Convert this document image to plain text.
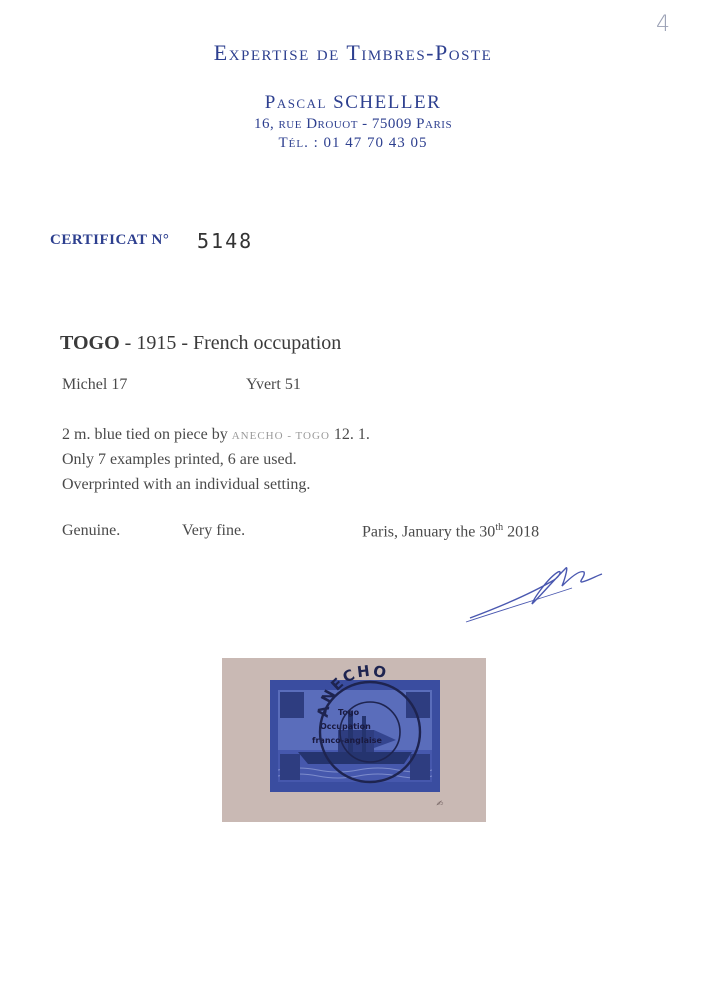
4
Expertise de Timbres-Poste
Pascal SCHELLER
16, rue Drouot - 75009 Paris
Tél. : 01 47 70 43 05
CERTIFICAT N° 5148
TOGO - 1915 - French occupation
Michel 17	Yvert 51
2 m. blue tied on piece by ANECHO - TOGO 12. 1.
Only 7 examples printed, 6 are used.
Overprinted with an individual setting.
Genuine.	Very fine.	Paris, January the 30th 2018
Togo
Occupation
franco-anglaise
ANECHO
✍︎
